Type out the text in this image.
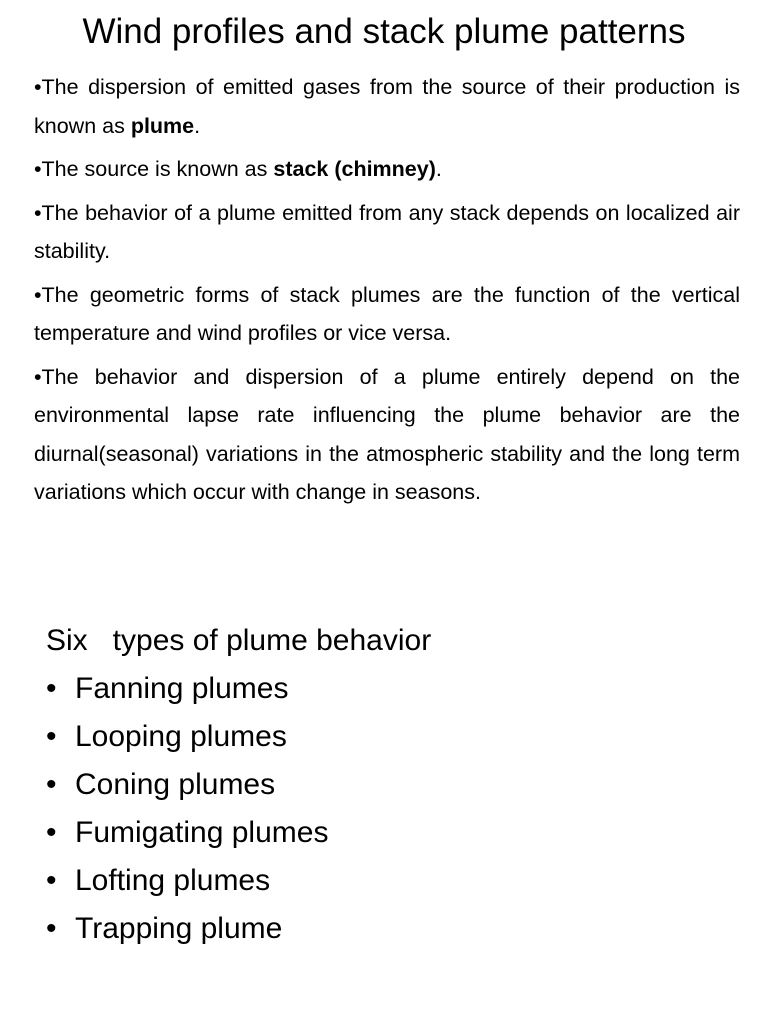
Wind profiles and stack plume patterns

•The dispersion of emitted gases from the source of their production is known as plume.

•The source is known as stack (chimney).

•The behavior of a plume emitted from any stack depends on localized air stability.

•The geometric forms of stack plumes are the function of the vertical temperature and wind profiles or vice versa.

•The behavior and dispersion of a plume entirely depend on the environmental lapse rate influencing the plume behavior are the diurnal(seasonal) variations in the atmospheric stability and the long term variations which occur with change in seasons.

Six   types of plume behavior

• Fanning plumes
• Looping plumes
• Coning plumes
• Fumigating plumes
• Lofting plumes
• Trapping plume
